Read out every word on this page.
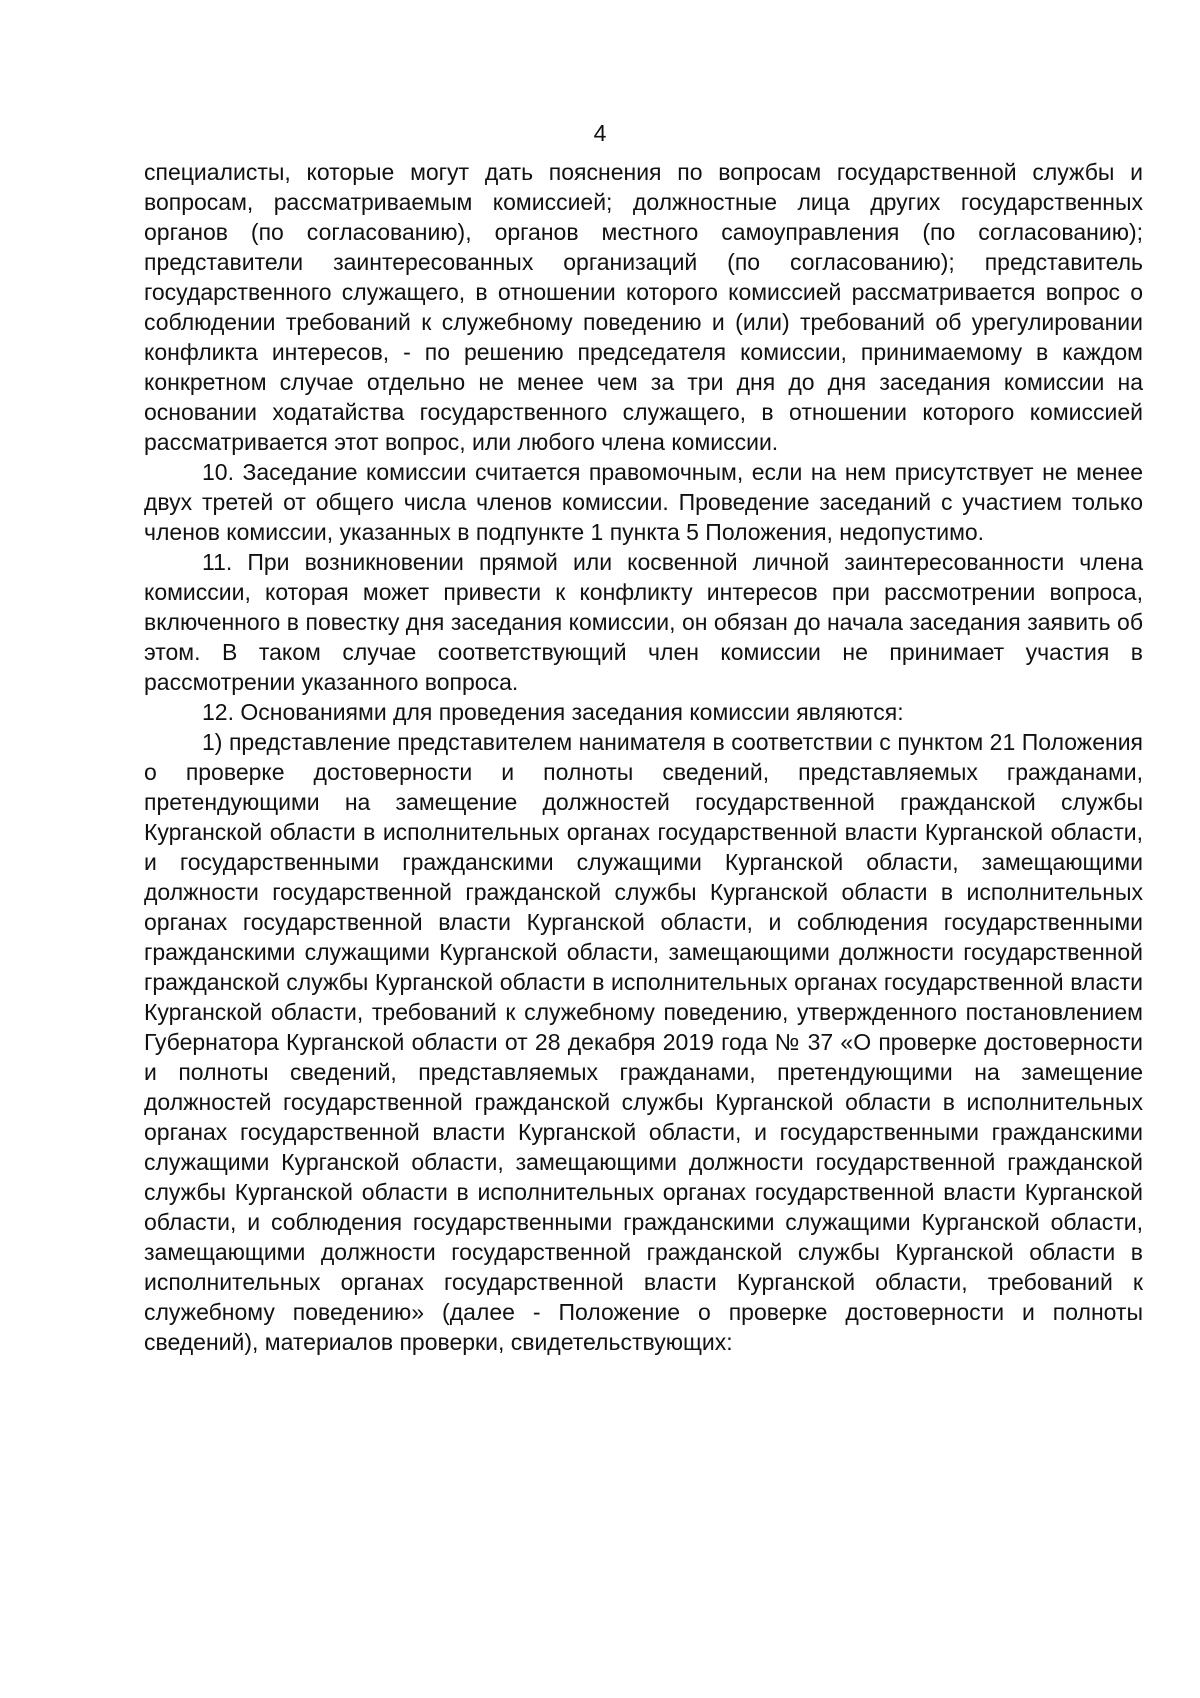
4

специалисты, которые могут дать пояснения по вопросам государственной службы и вопросам, рассматриваемым комиссией; должностные лица других государственных органов (по согласованию), органов местного самоуправления (по согласованию); представители заинтересованных организаций (по согласованию); представитель государственного служащего, в отношении которого комиссией рассматривается вопрос о соблюдении требований к служебному поведению и (или) требований об урегулировании конфликта интересов, - по решению председателя комиссии, принимаемому в каждом конкретном случае отдельно не менее чем за три дня до дня заседания комиссии на основании ходатайства государственного служащего, в отношении которого комиссией рассматривается этот вопрос, или любого члена комиссии.

10. Заседание комиссии считается правомочным, если на нем присутствует не менее двух третей от общего числа членов комиссии. Проведение заседаний с участием только членов комиссии, указанных в подпункте 1 пункта 5 Положения, недопустимо.

11. При возникновении прямой или косвенной личной заинтересованности члена комиссии, которая может привести к конфликту интересов при рассмотрении вопроса, включенного в повестку дня заседания комиссии, он обязан до начала заседания заявить об этом. В таком случае соответствующий член комиссии не принимает участия в рассмотрении указанного вопроса.

12. Основаниями для проведения заседания комиссии являются:

1) представление представителем нанимателя в соответствии с пунктом 21 Положения о проверке достоверности и полноты сведений, представляемых гражданами, претендующими на замещение должностей государственной гражданской службы Курганской области в исполнительных органах государственной власти Курганской области, и государственными гражданскими служащими Курганской области, замещающими должности государственной гражданской службы Курганской области в исполнительных органах государственной власти Курганской области, и соблюдения государственными гражданскими служащими Курганской области, замещающими должности государственной гражданской службы Курганской области в исполнительных органах государственной власти Курганской области, требований к служебному поведению, утвержденного постановлением Губернатора Курганской области от 28 декабря 2019 года № 37 «О проверке достоверности и полноты сведений, представляемых гражданами, претендующими на замещение должностей государственной гражданской службы Курганской области в исполнительных органах государственной власти Курганской области, и государственными гражданскими служащими Курганской области, замещающими должности государственной гражданской службы Курганской области в исполнительных органах государственной власти Курганской области, и соблюдения государственными гражданскими служащими Курганской области, замещающими должности государственной гражданской службы Курганской области в исполнительных органах государственной власти Курганской области, требований к служебному поведению» (далее - Положение о проверке достоверности и полноты сведений), материалов проверки, свидетельствующих:
